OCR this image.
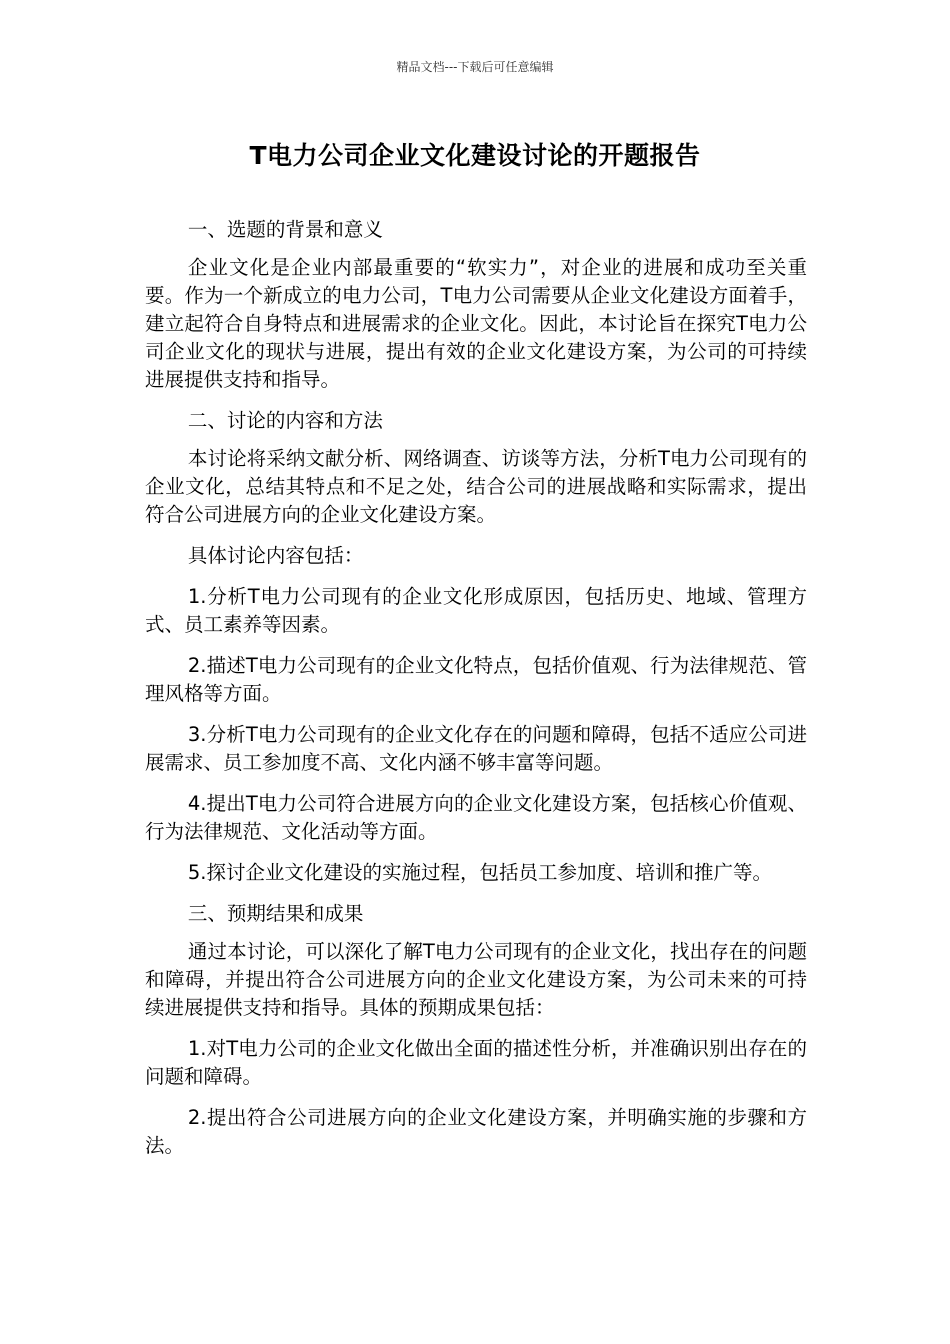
精品文档---下载后可任意编辑
T电力公司企业文化建设讨论的开题报告

一、选题的背景和意义

企业文化是企业内部最重要的“软实力”，对企业的进展和成功至关重要。作为一个新成立的电力公司，T电力公司需要从企业文化建设方面着手，建立起符合自身特点和进展需求的企业文化。因此，本讨论旨在探究T电力公司企业文化的现状与进展，提出有效的企业文化建设方案，为公司的可持续进展提供支持和指导。

二、讨论的内容和方法

本讨论将采纳文献分析、网络调查、访谈等方法，分析T电力公司现有的企业文化，总结其特点和不足之处，结合公司的进展战略和实际需求，提出符合公司进展方向的企业文化建设方案。

具体讨论内容包括：

1.分析T电力公司现有的企业文化形成原因，包括历史、地域、管理方式、员工素养等因素。

2.描述T电力公司现有的企业文化特点，包括价值观、行为法律规范、管理风格等方面。

3.分析T电力公司现有的企业文化存在的问题和障碍，包括不适应公司进展需求、员工参加度不高、文化内涵不够丰富等问题。

4.提出T电力公司符合进展方向的企业文化建设方案，包括核心价值观、行为法律规范、文化活动等方面。

5.探讨企业文化建设的实施过程，包括员工参加度、培训和推广等。

三、预期结果和成果

通过本讨论，可以深化了解T电力公司现有的企业文化，找出存在的问题和障碍，并提出符合公司进展方向的企业文化建设方案，为公司未来的可持续进展提供支持和指导。具体的预期成果包括：

1.对T电力公司的企业文化做出全面的描述性分析，并准确识别出存在的问题和障碍。

2.提出符合公司进展方向的企业文化建设方案，并明确实施的步骤和方法。
